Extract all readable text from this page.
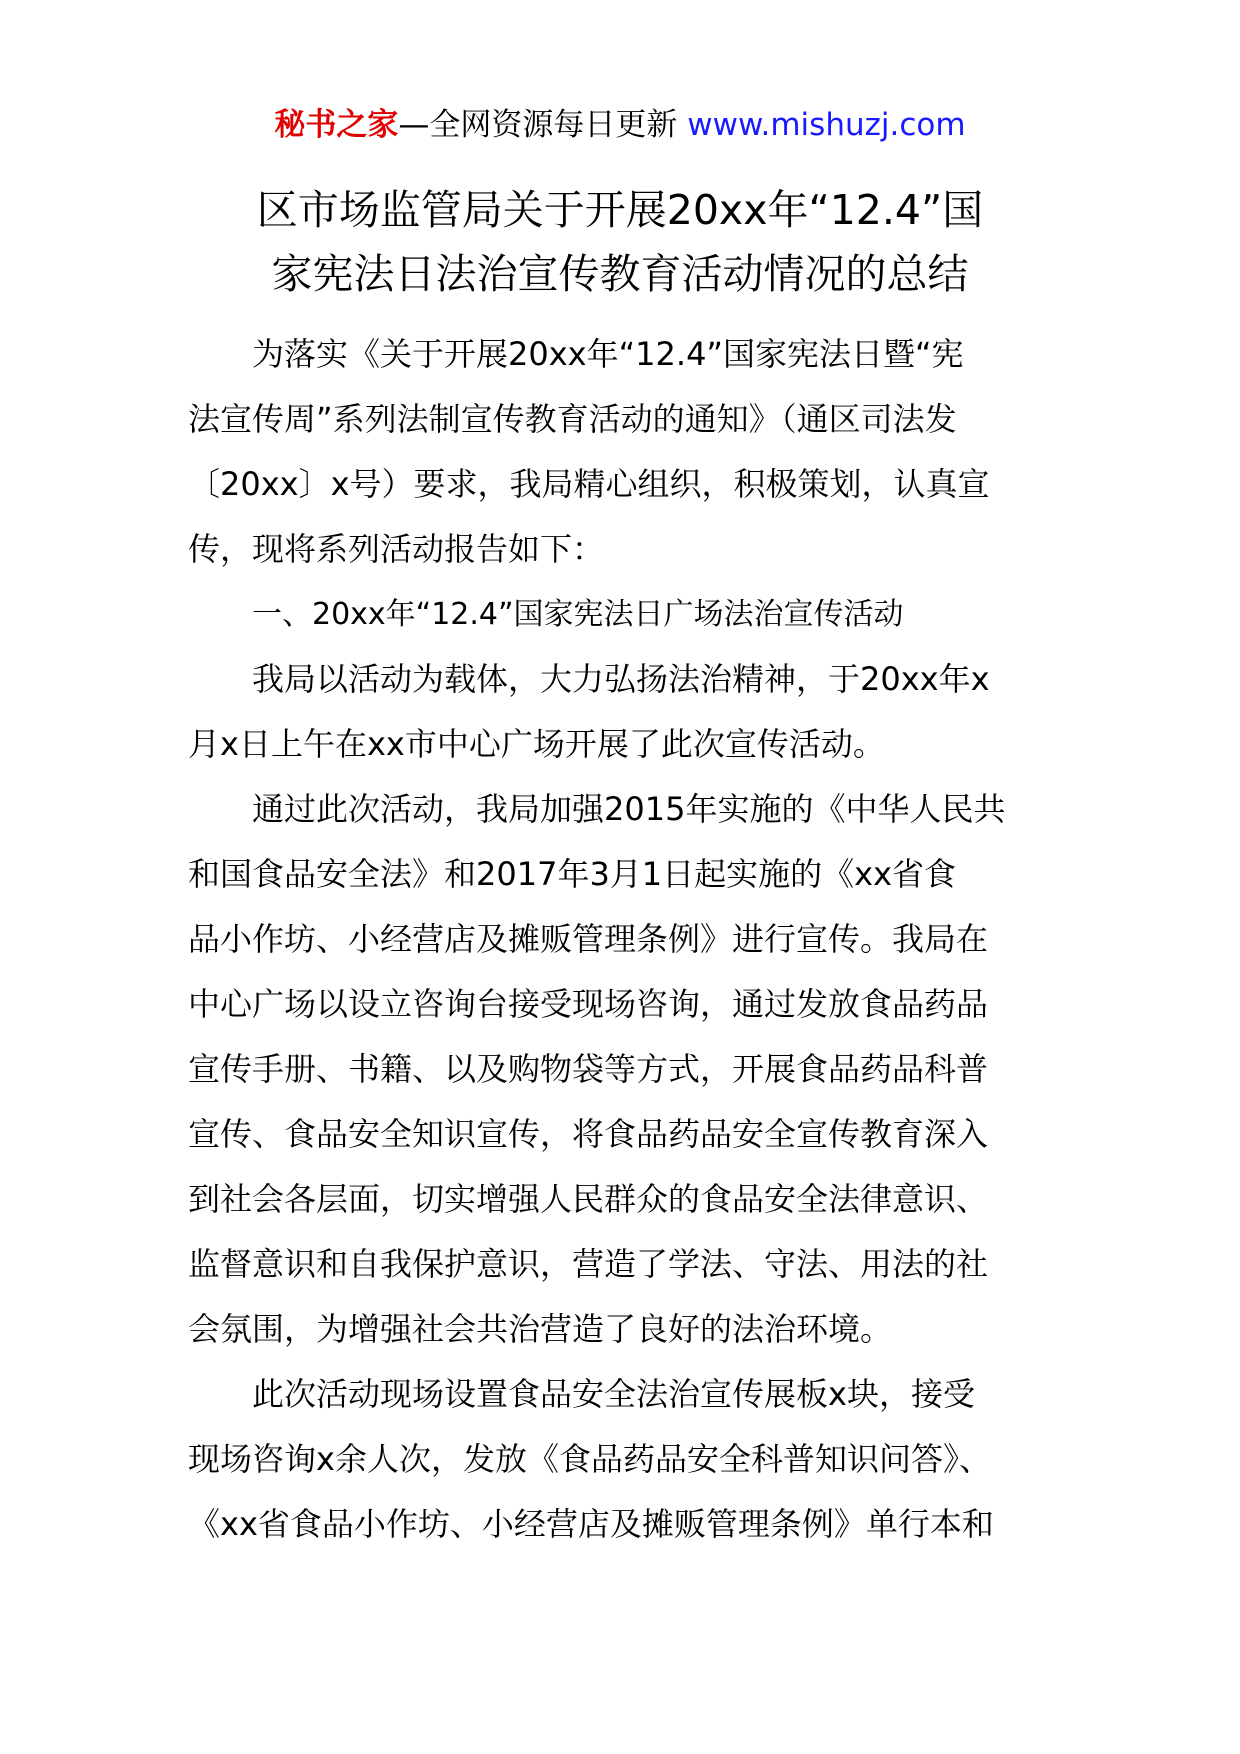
秘书之家—全网资源每日更新 www.mishuzj.com
区市场监管局关于开展20xx年“12.4”国
家宪法日法治宣传教育活动情况的总结
为落实《关于开展20xx年“12.4”国家宪法日暨“宪
法宣传周”系列法制宣传教育活动的通知》（通区司法发
〔20xx〕x号）要求，我局精心组织，积极策划，认真宣
传，现将系列活动报告如下：
一、20xx年“12.4”国家宪法日广场法治宣传活动
我局以活动为载体，大力弘扬法治精神，于20xx年x
月x日上午在xx市中心广场开展了此次宣传活动。
通过此次活动，我局加强2015年实施的《中华人民共
和国食品安全法》和2017年3月1日起实施的《xx省食
品小作坊、小经营店及摊贩管理条例》进行宣传。我局在
中心广场以设立咨询台接受现场咨询，通过发放食品药品
宣传手册、书籍、以及购物袋等方式，开展食品药品科普
宣传、食品安全知识宣传，将食品药品安全宣传教育深入
到社会各层面，切实增强人民群众的食品安全法律意识、
监督意识和自我保护意识，营造了学法、守法、用法的社
会氛围，为增强社会共治营造了良好的法治环境。
此次活动现场设置食品安全法治宣传展板x块，接受
现场咨询x余人次，发放《食品药品安全科普知识问答》、
《xx省食品小作坊、小经营店及摊贩管理条例》单行本和
